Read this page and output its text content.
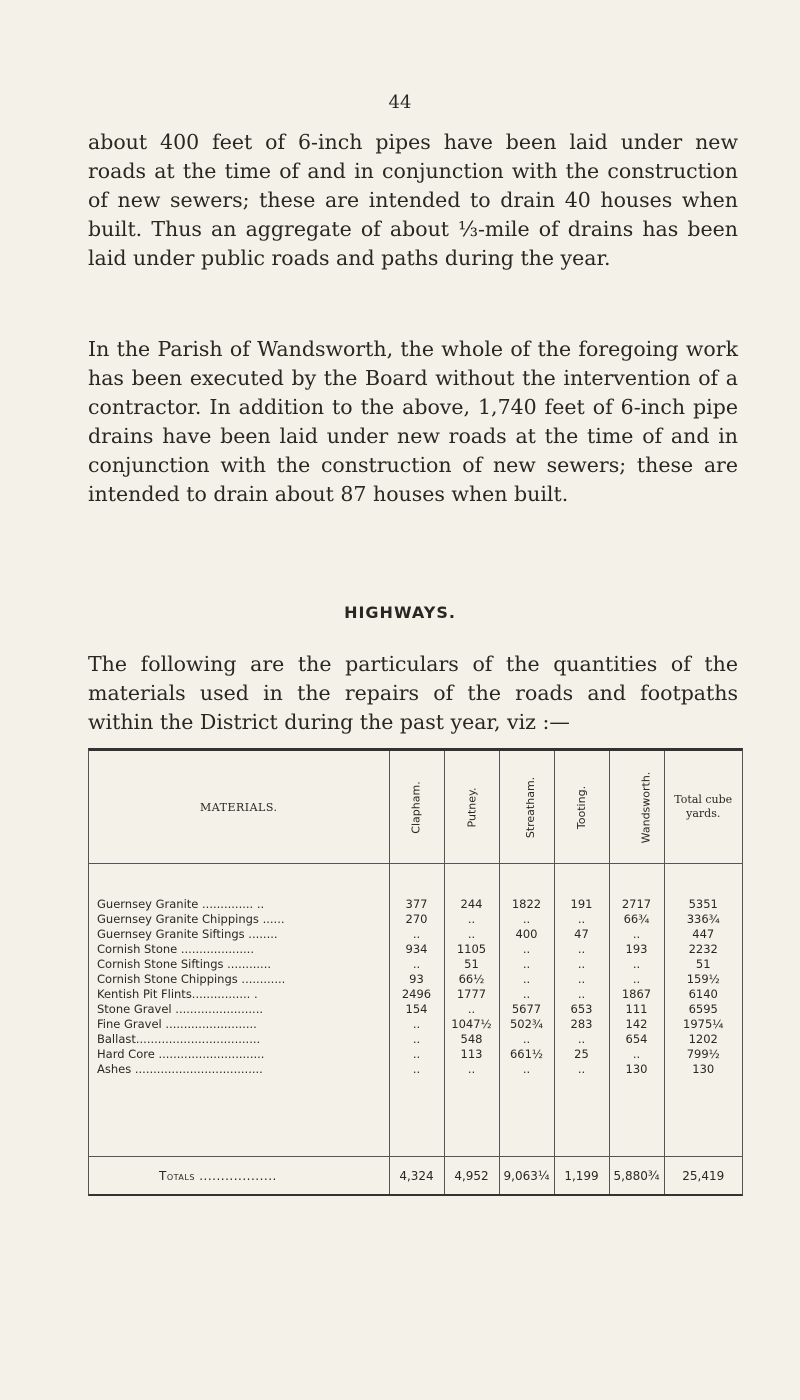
44
about 400 feet of 6-inch pipes have been laid under new roads at the time of and in conjunction with the construction of new sewers; these are intended to drain 40 houses when built. Thus an aggregate of about ⅓-mile of drains has been laid under public roads and paths during the year.
In the Parish of Wandsworth, the whole of the foregoing work has been executed by the Board without the intervention of a contractor. In addition to the above, 1,740 feet of 6-inch pipe drains have been laid under new roads at the time of and in conjunction with the construction of new sewers; these are intended to drain about 87 houses when built.
HIGHWAYS.
The following are the particulars of the quantities of the materials used in the repairs of the roads and footpaths within the District during the past year, viz :—
MATERIALS.	Clapham.	Putney.	Streatham.	Tooting.	Wandsworth.	Total cube yards.

Guernsey Granite .............. ..	377	244	1822	191	2717	5351
Guernsey Granite Chippings ......	270	..	..	..	66¾	336¾
Guernsey Granite Siftings ........	..	..	400	47	..	447
Cornish Stone ....................	934	1105	..	..	193	2232
Cornish Stone Siftings ............	..	51	..	..	..	51
Cornish Stone Chippings ............	93	66½	..	..	..	159½
Kentish Pit Flints................ .	2496	1777	..	..	1867	6140
Stone Gravel ........................	154	..	5677	653	111	6595
Fine Gravel .........................	..	1047½	502¾	283	142	1975¼
Ballast..................................	..	548	..	..	654	1202
Hard Core .............................	..	113	661½	25	..	799½
Ashes ...................................	..	..	..	..	130	130

Totals ..................	4,324	4,952	9,063¼	1,199	5,880¾	25,419
